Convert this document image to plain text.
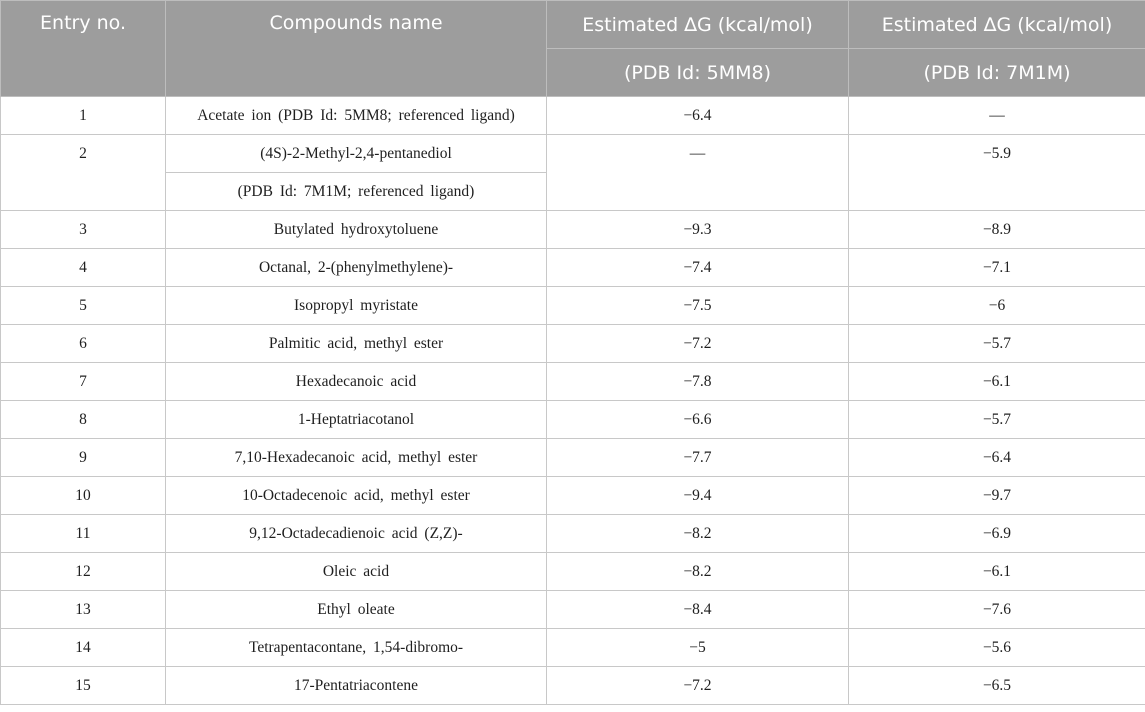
Entry no.	Compounds name	Estimated ∆G (kcal/mol)	Estimated ∆G (kcal/mol)
		(PDB Id: 5MM8)	(PDB Id: 7M1M)
1	Acetate ion (PDB Id: 5MM8; referenced ligand)	−6.4	—
2	(4S)-2-Methyl-2,4-pentanediol	—	−5.9
	(PDB Id: 7M1M; referenced ligand)		
3	Butylated hydroxytoluene	−9.3	−8.9
4	Octanal, 2-(phenylmethylene)-	−7.4	−7.1
5	Isopropyl myristate	−7.5	−6
6	Palmitic acid, methyl ester	−7.2	−5.7
7	Hexadecanoic acid	−7.8	−6.1
8	1-Heptatriacotanol	−6.6	−5.7
9	7,10-Hexadecanoic acid, methyl ester	−7.7	−6.4
10	10-Octadecenoic acid, methyl ester	−9.4	−9.7
11	9,12-Octadecadienoic acid (Z,Z)-	−8.2	−6.9
12	Oleic acid	−8.2	−6.1
13	Ethyl oleate	−8.4	−7.6
14	Tetrapentacontane, 1,54-dibromo-	−5	−5.6
15	17-Pentatriacontene	−7.2	−6.5
